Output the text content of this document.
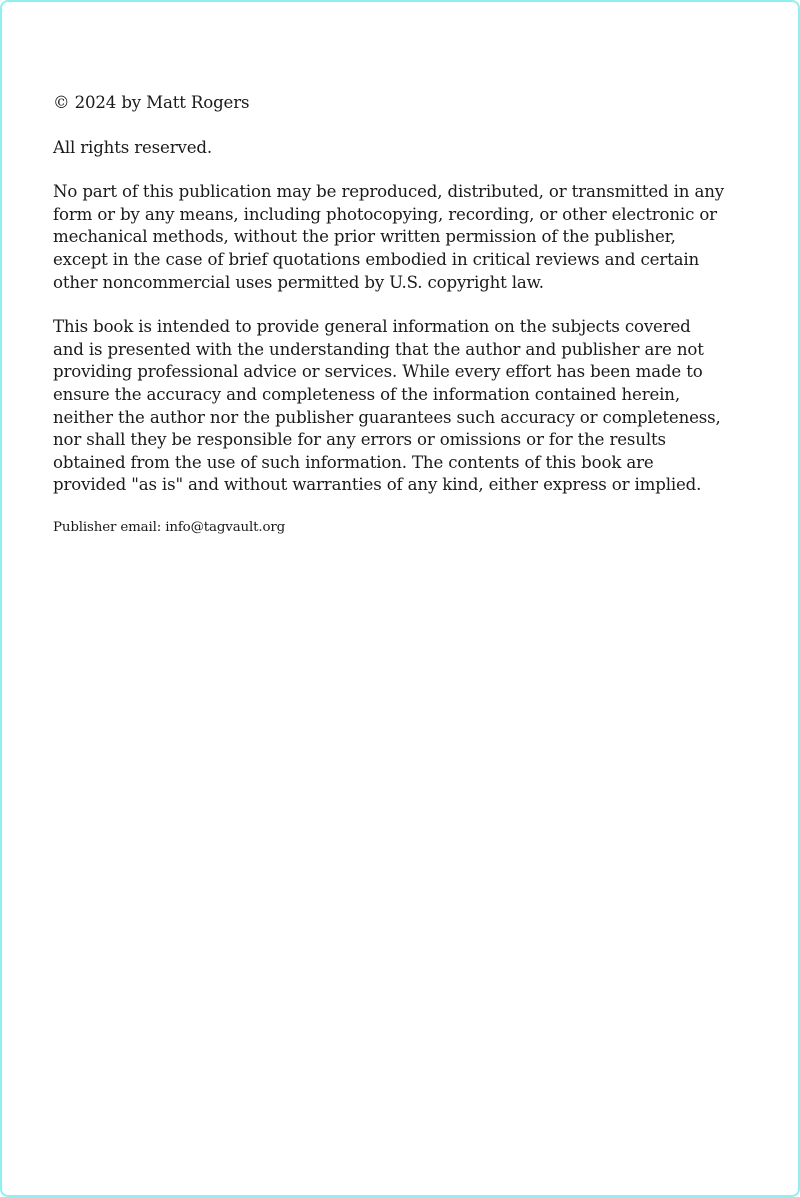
© 2024 by Matt Rogers

All rights reserved.

No part of this publication may be reproduced, distributed, or transmitted in any form or by any means, including photocopying, recording, or other electronic or mechanical methods, without the prior written permission of the publisher, except in the case of brief quotations embodied in critical reviews and certain other noncommercial uses permitted by U.S. copyright law.

This book is intended to provide general information on the subjects covered and is presented with the understanding that the author and publisher are not providing professional advice or services. While every effort has been made to ensure the accuracy and completeness of the information contained herein, neither the author nor the publisher guarantees such accuracy or completeness, nor shall they be responsible for any errors or omissions or for the results obtained from the use of such information. The contents of this book are provided "as is" and without warranties of any kind, either express or implied.

Publisher email: info@tagvault.org
